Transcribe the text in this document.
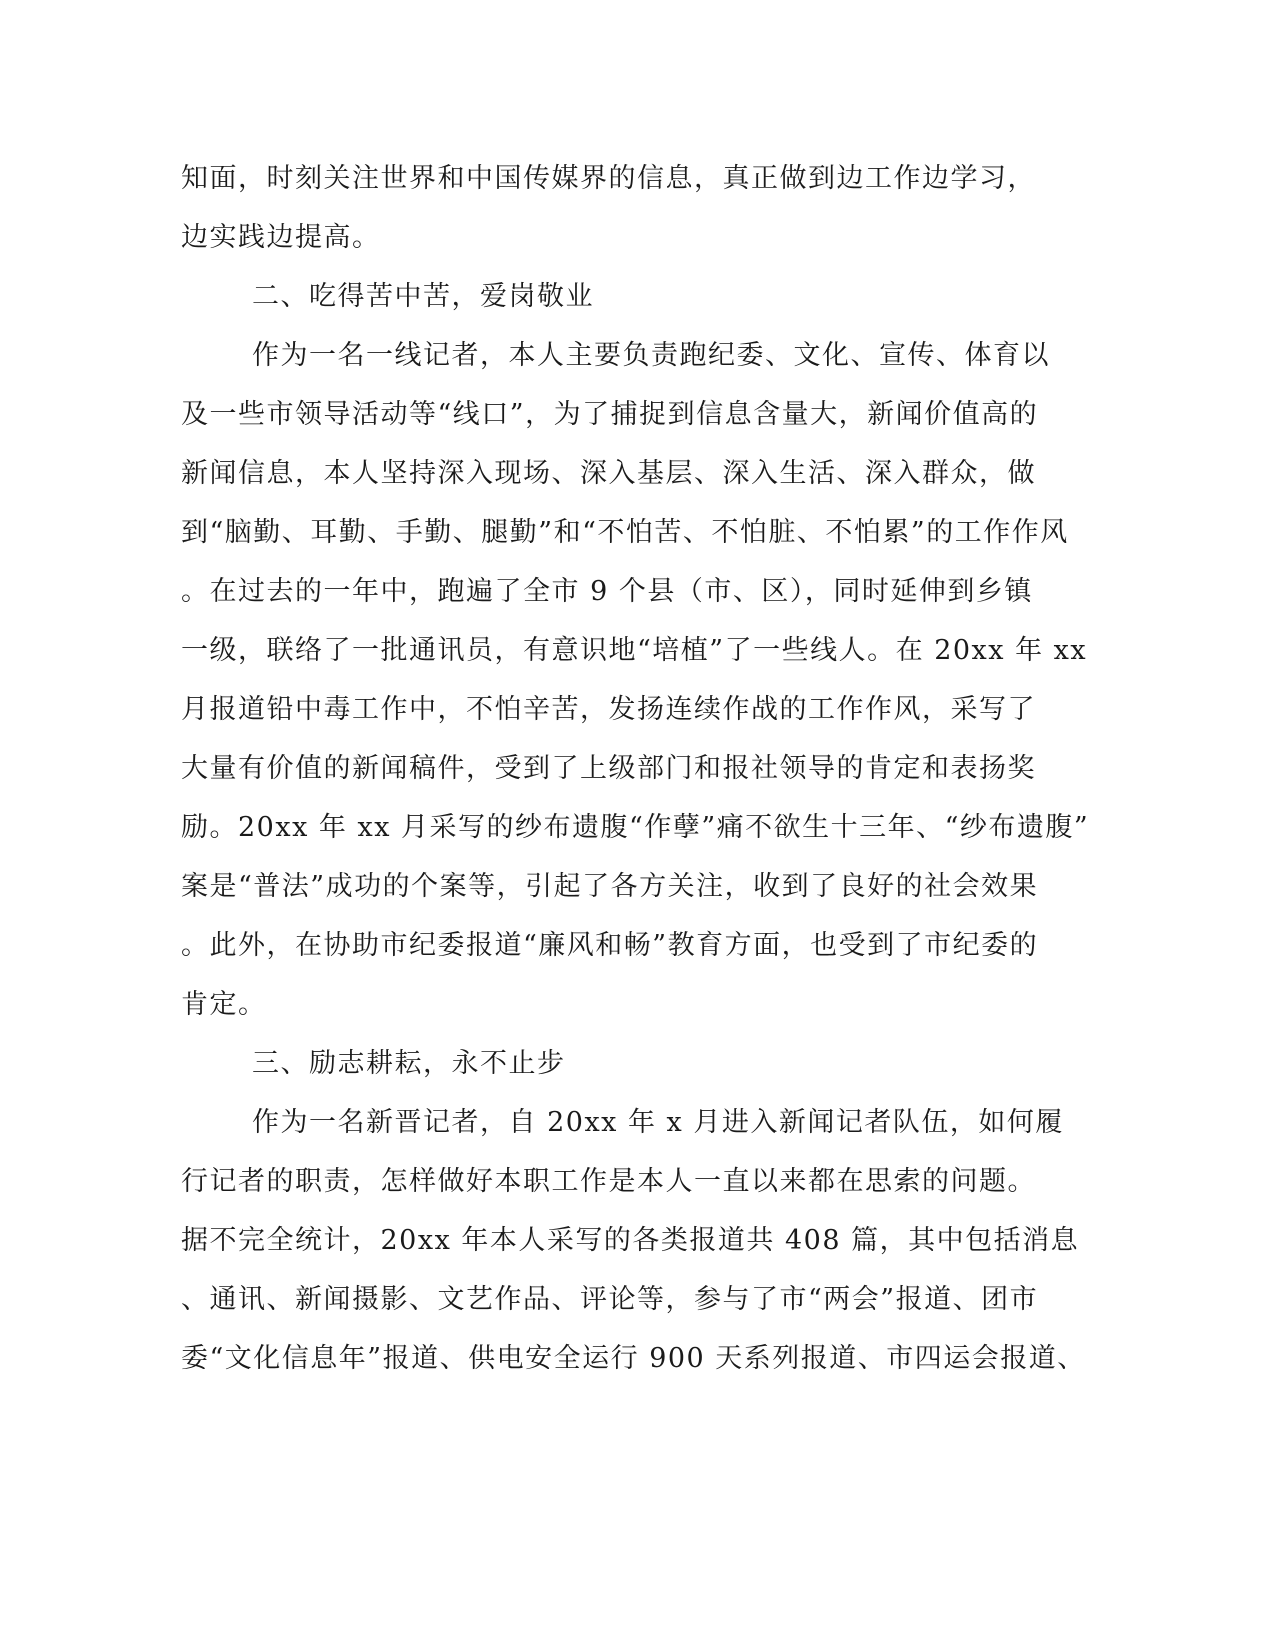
知面，时刻关注世界和中国传媒界的信息，真正做到边工作边学习，
边实践边提高。
二、吃得苦中苦，爱岗敬业
作为一名一线记者，本人主要负责跑纪委、文化、宣传、体育以
及一些市领导活动等“线口”，为了捕捉到信息含量大，新闻价值高的
新闻信息，本人坚持深入现场、深入基层、深入生活、深入群众，做
到“脑勤、耳勤、手勤、腿勤”和“不怕苦、不怕脏、不怕累”的工作作风
。在过去的一年中，跑遍了全市 9 个县（市、区），同时延伸到乡镇
一级，联络了一批通讯员，有意识地“培植”了一些线人。在 20xx 年 xx
月报道铅中毒工作中，不怕辛苦，发扬连续作战的工作作风，采写了
大量有价值的新闻稿件，受到了上级部门和报社领导的肯定和表扬奖
励。20xx 年 xx 月采写的纱布遗腹“作孽”痛不欲生十三年、“纱布遗腹”
案是“普法”成功的个案等，引起了各方关注，收到了良好的社会效果
。此外，在协助市纪委报道“廉风和畅”教育方面，也受到了市纪委的
肯定。
三、励志耕耘，永不止步
作为一名新晋记者，自 20xx 年 x 月进入新闻记者队伍，如何履
行记者的职责，怎样做好本职工作是本人一直以来都在思索的问题。
据不完全统计，20xx 年本人采写的各类报道共 408 篇，其中包括消息
、通讯、新闻摄影、文艺作品、评论等，参与了市“两会”报道、团市
委“文化信息年”报道、供电安全运行 900 天系列报道、市四运会报道、
